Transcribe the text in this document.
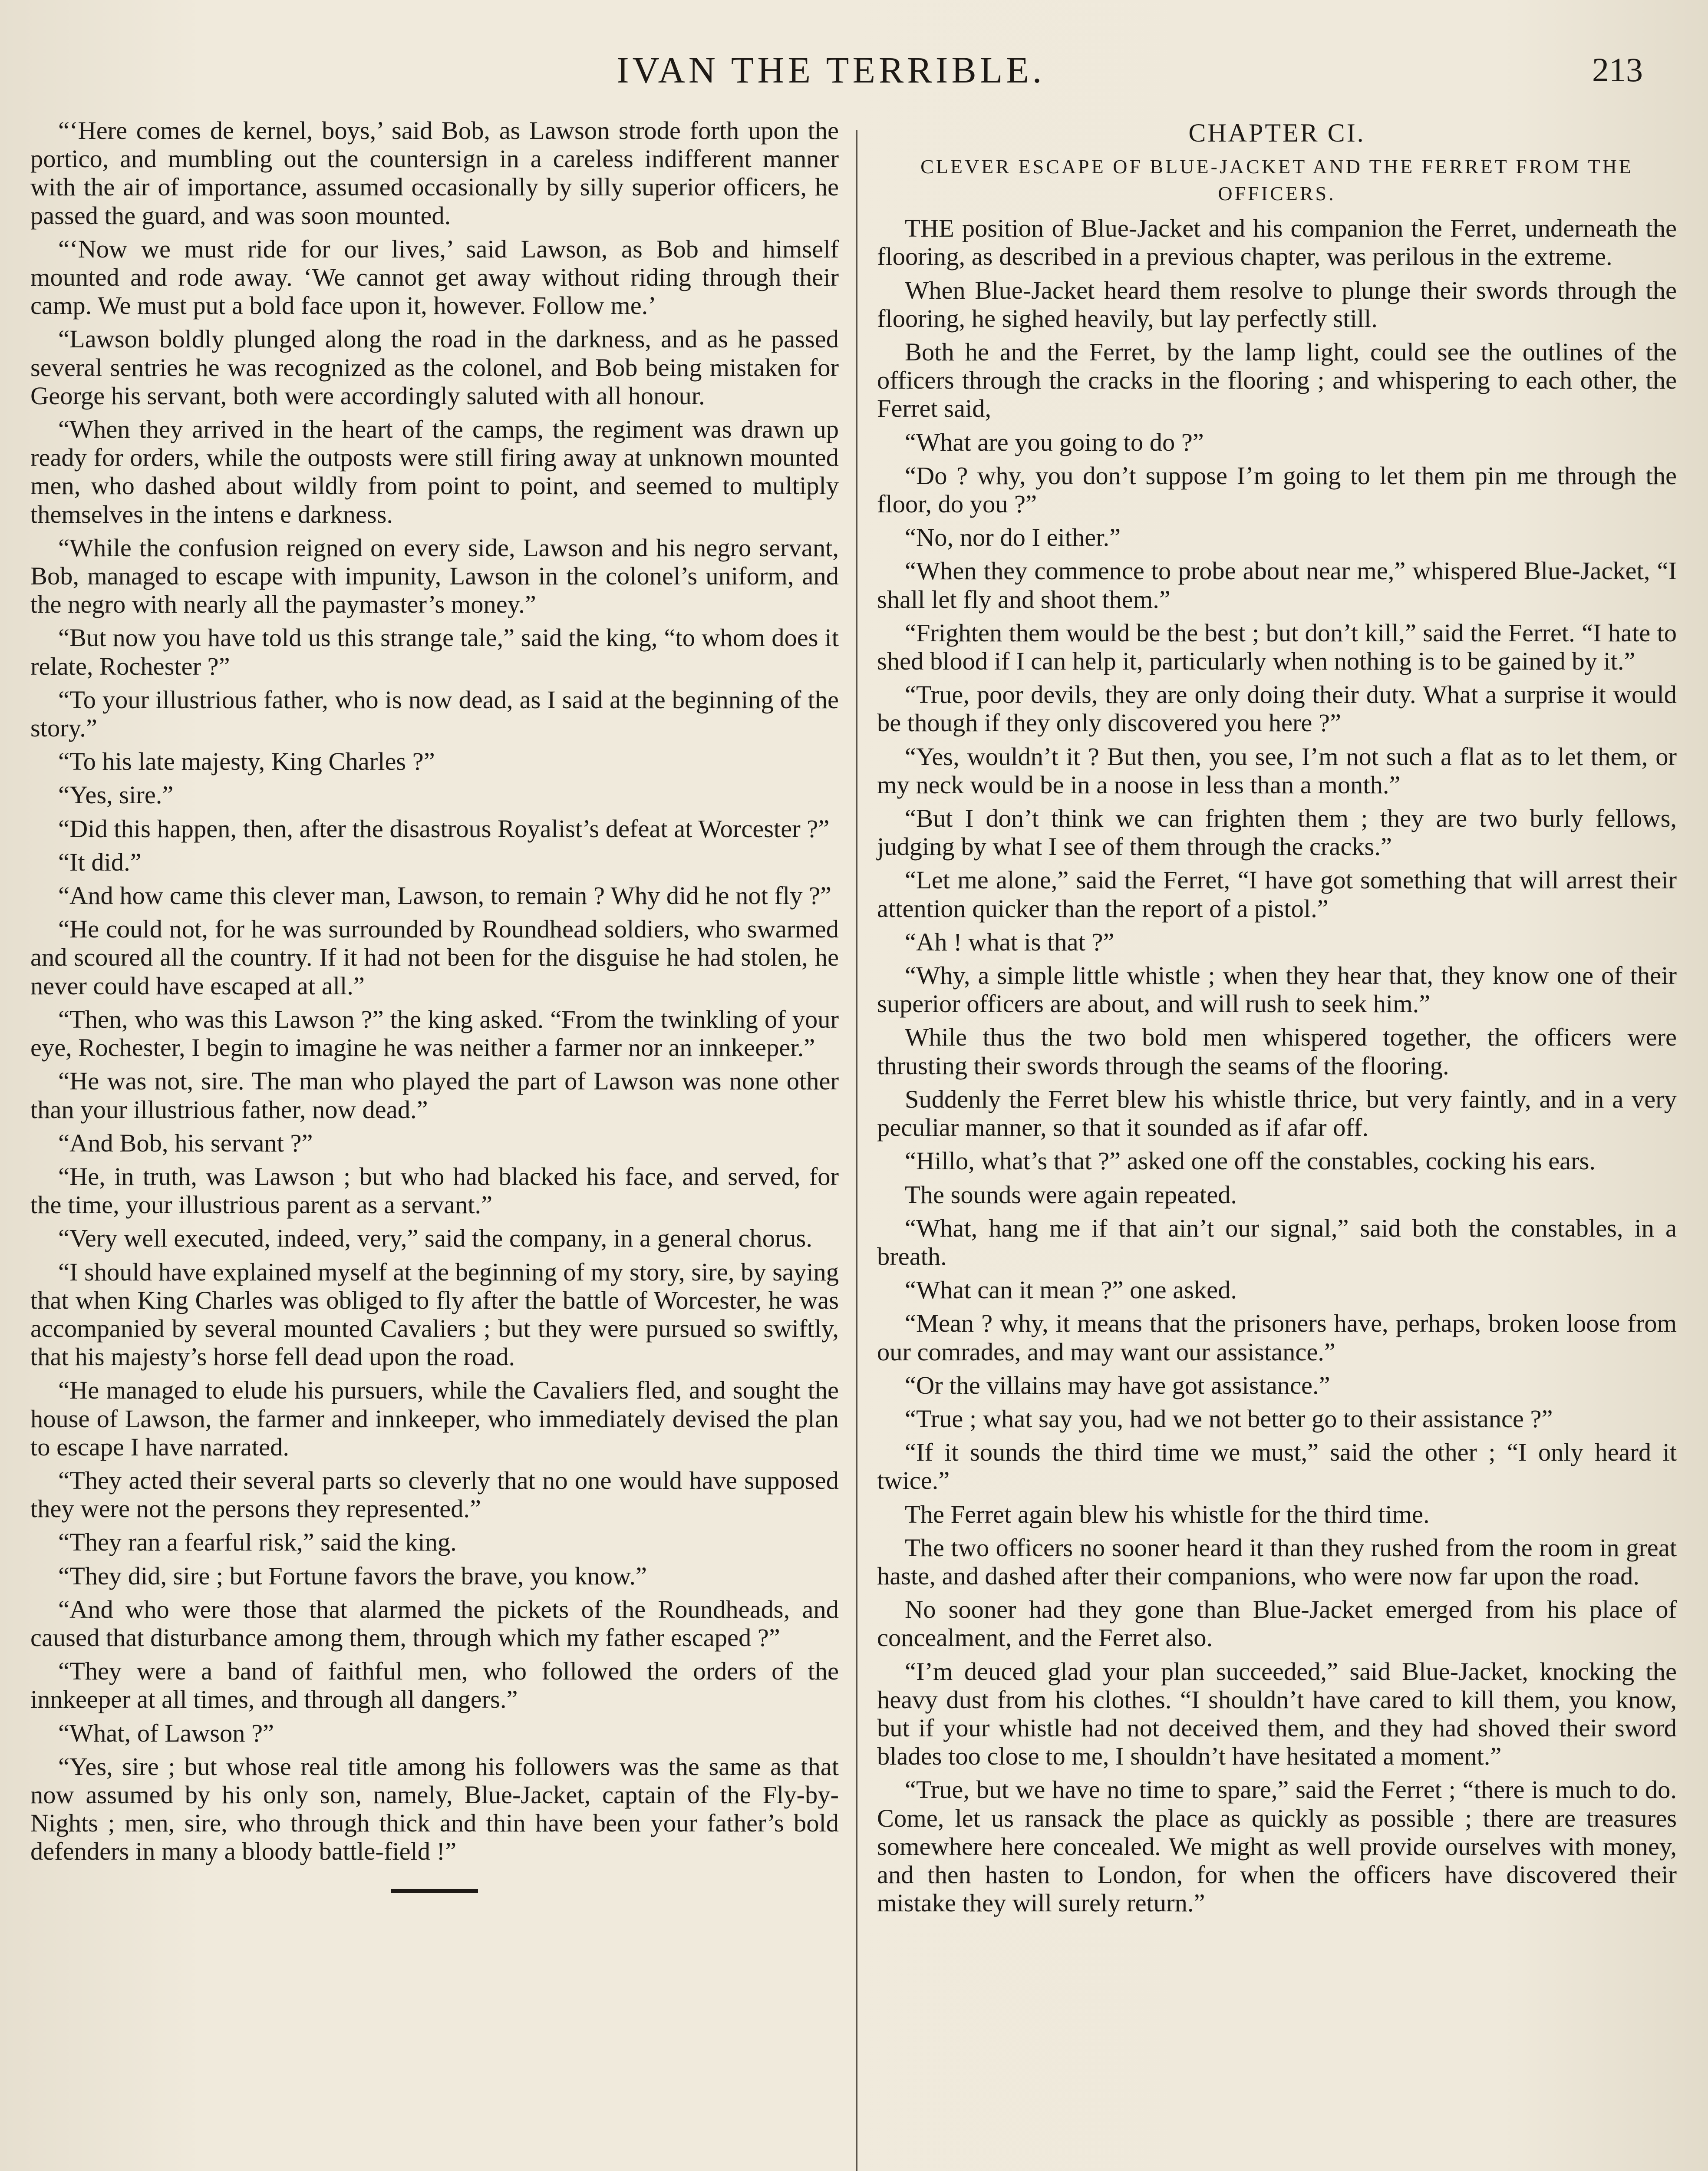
IVAN THE TERRIBLE.	213

“‘Here comes de kernel, boys,’ said Bob, as Lawson strode forth upon the portico, and mumbling out the countersign in a careless indifferent manner with the air of importance, assumed occasionally by silly superior officers, he passed the guard, and was soon mounted.

“‘Now we must ride for our lives,’ said Lawson, as Bob and himself mounted and rode away. ‘We cannot get away without riding through their camp. We must put a bold face upon it, however. Follow me.’

“Lawson boldly plunged along the road in the darkness, and as he passed several sentries he was recognized as the colonel, and Bob being mistaken for George his servant, both were accordingly saluted with all honour.

“When they arrived in the heart of the camps, the regiment was drawn up ready for orders, while the outposts were still firing away at unknown mounted men, who dashed about wildly from point to point, and seemed to multiply themselves in the intens e darkness.

“While the confusion reigned on every side, Lawson and his negro servant, Bob, managed to escape with impunity, Lawson in the colonel’s uniform, and the negro with nearly all the paymaster’s money.”

“But now you have told us this strange tale,” said the king, “to whom does it relate, Rochester ?”

“To your illustrious father, who is now dead, as I said at the beginning of the story.”

“To his late majesty, King Charles ?”

“Yes, sire.”

“Did this happen, then, after the disastrous Royalist’s defeat at Worcester ?”

“It did.”

“And how came this clever man, Lawson, to remain ? Why did he not fly ?”

“He could not, for he was surrounded by Roundhead soldiers, who swarmed and scoured all the country. If it had not been for the disguise he had stolen, he never could have escaped at all.”

“Then, who was this Lawson ?” the king asked. “From the twinkling of your eye, Rochester, I begin to imagine he was neither a farmer nor an innkeeper.”

“He was not, sire. The man who played the part of Lawson was none other than your illustrious father, now dead.”

“And Bob, his servant ?”

“He, in truth, was Lawson ; but who had blacked his face, and served, for the time, your illustrious parent as a servant.”

“Very well executed, indeed, very,” said the company, in a general chorus.

“I should have explained myself at the beginning of my story, sire, by saying that when King Charles was obliged to fly after the battle of Worcester, he was accompanied by several mounted Cavaliers ; but they were pursued so swiftly, that his majesty’s horse fell dead upon the road.

“He managed to elude his pursuers, while the Cavaliers fled, and sought the house of Lawson, the farmer and innkeeper, who immediately devised the plan to escape I have narrated.

“They acted their several parts so cleverly that no one would have supposed they were not the persons they represented.”

“They ran a fearful risk,” said the king.

“They did, sire ; but Fortune favors the brave, you know.”

“And who were those that alarmed the pickets of the Roundheads, and caused that disturbance among them, through which my father escaped ?”

“They were a band of faithful men, who followed the orders of the innkeeper at all times, and through all dangers.”

“What, of Lawson ?”

“Yes, sire ; but whose real title among his followers was the same as that now assumed by his only son, namely, Blue-Jacket, captain of the Fly-by-Nights ; men, sire, who through thick and thin have been your father’s bold defenders in many a bloody battle-field !”

CHAPTER CI.
CLEVER ESCAPE OF BLUE-JACKET AND THE FERRET FROM THE OFFICERS.

THE position of Blue-Jacket and his companion the Ferret, underneath the flooring, as described in a previous chapter, was perilous in the extreme.

When Blue-Jacket heard them resolve to plunge their swords through the flooring, he sighed heavily, but lay perfectly still.

Both he and the Ferret, by the lamp light, could see the outlines of the officers through the cracks in the flooring ; and whispering to each other, the Ferret said,

“What are you going to do ?”

“Do ? why, you don’t suppose I’m going to let them pin me through the floor, do you ?”

“No, nor do I either.”

“When they commence to probe about near me,” whispered Blue-Jacket, “I shall let fly and shoot them.”

“Frighten them would be the best ; but don’t kill,” said the Ferret. “I hate to shed blood if I can help it, particularly when nothing is to be gained by it.”

“True, poor devils, they are only doing their duty. What a surprise it would be though if they only discovered you here ?”

“Yes, wouldn’t it ? But then, you see, I’m not such a flat as to let them, or my neck would be in a noose in less than a month.”

“But I don’t think we can frighten them ; they are two burly fellows, judging by what I see of them through the cracks.”

“Let me alone,” said the Ferret, “I have got something that will arrest their attention quicker than the report of a pistol.”

“Ah ! what is that ?”

“Why, a simple little whistle ; when they hear that, they know one of their superior officers are about, and will rush to seek him.”

While thus the two bold men whispered together, the officers were thrusting their swords through the seams of the flooring.

Suddenly the Ferret blew his whistle thrice, but very faintly, and in a very peculiar manner, so that it sounded as if afar off.

“Hillo, what’s that ?” asked one off the constables, cocking his ears.

The sounds were again repeated.

“What, hang me if that ain’t our signal,” said both the constables, in a breath.

“What can it mean ?” one asked.

“Mean ? why, it means that the prisoners have, perhaps, broken loose from our comrades, and may want our assistance.”

“Or the villains may have got assistance.”

“True ; what say you, had we not better go to their assistance ?”

“If it sounds the third time we must,” said the other ; “I only heard it twice.”

The Ferret again blew his whistle for the third time.

The two officers no sooner heard it than they rushed from the room in great haste, and dashed after their companions, who were now far upon the road.

No sooner had they gone than Blue-Jacket emerged from his place of concealment, and the Ferret also.

“I’m deuced glad your plan succeeded,” said Blue-Jacket, knocking the heavy dust from his clothes. “I shouldn’t have cared to kill them, you know, but if your whistle had not deceived them, and they had shoved their sword blades too close to me, I shouldn’t have hesitated a moment.”

“True, but we have no time to spare,” said the Ferret ; “there is much to do. Come, let us ransack the place as quickly as possible ; there are treasures somewhere here concealed. We might as well provide ourselves with money, and then hasten to London, for when the officers have discovered their mistake they will surely return.”
